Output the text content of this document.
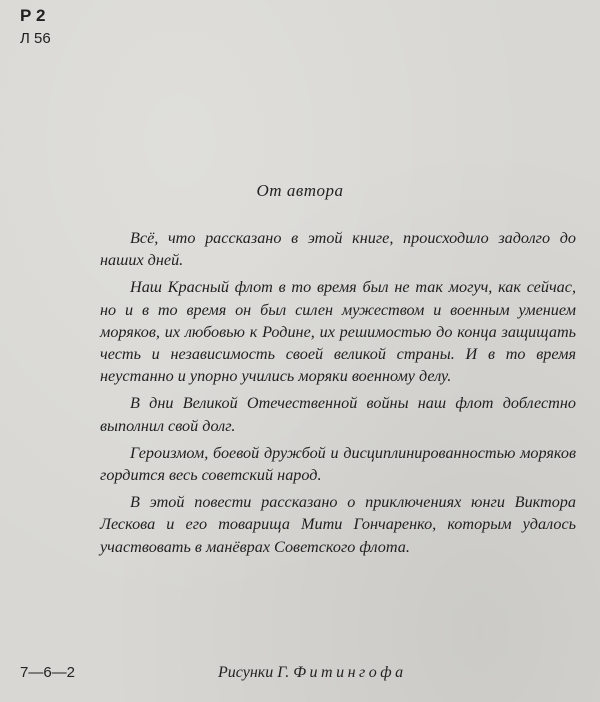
Р 2
Л 56
От автора

Всё, что рассказано в этой книге, происходило задолго до наших дней.

Наш Красный флот в то время был не так могуч, как сейчас, но и в то время он был силен мужеством и военным умением моряков, их любовью к Родине, их решимостью до конца защищать честь и независимость своей великой страны. И в то время неустанно и упорно учились моряки военному делу.

В дни Великой Отечественной войны наш флот доблестно выполнил свой долг.

Героизмом, боевой дружбой и дисциплинированностью моряков гордится весь советский народ.

В этой повести рассказано о приключениях юнги Виктора Лескова и его товарища Мити Гончаренко, которым удалось участвовать в манёврах Советского флота.

7—6—2	Рисунки Г. Фитингофа
